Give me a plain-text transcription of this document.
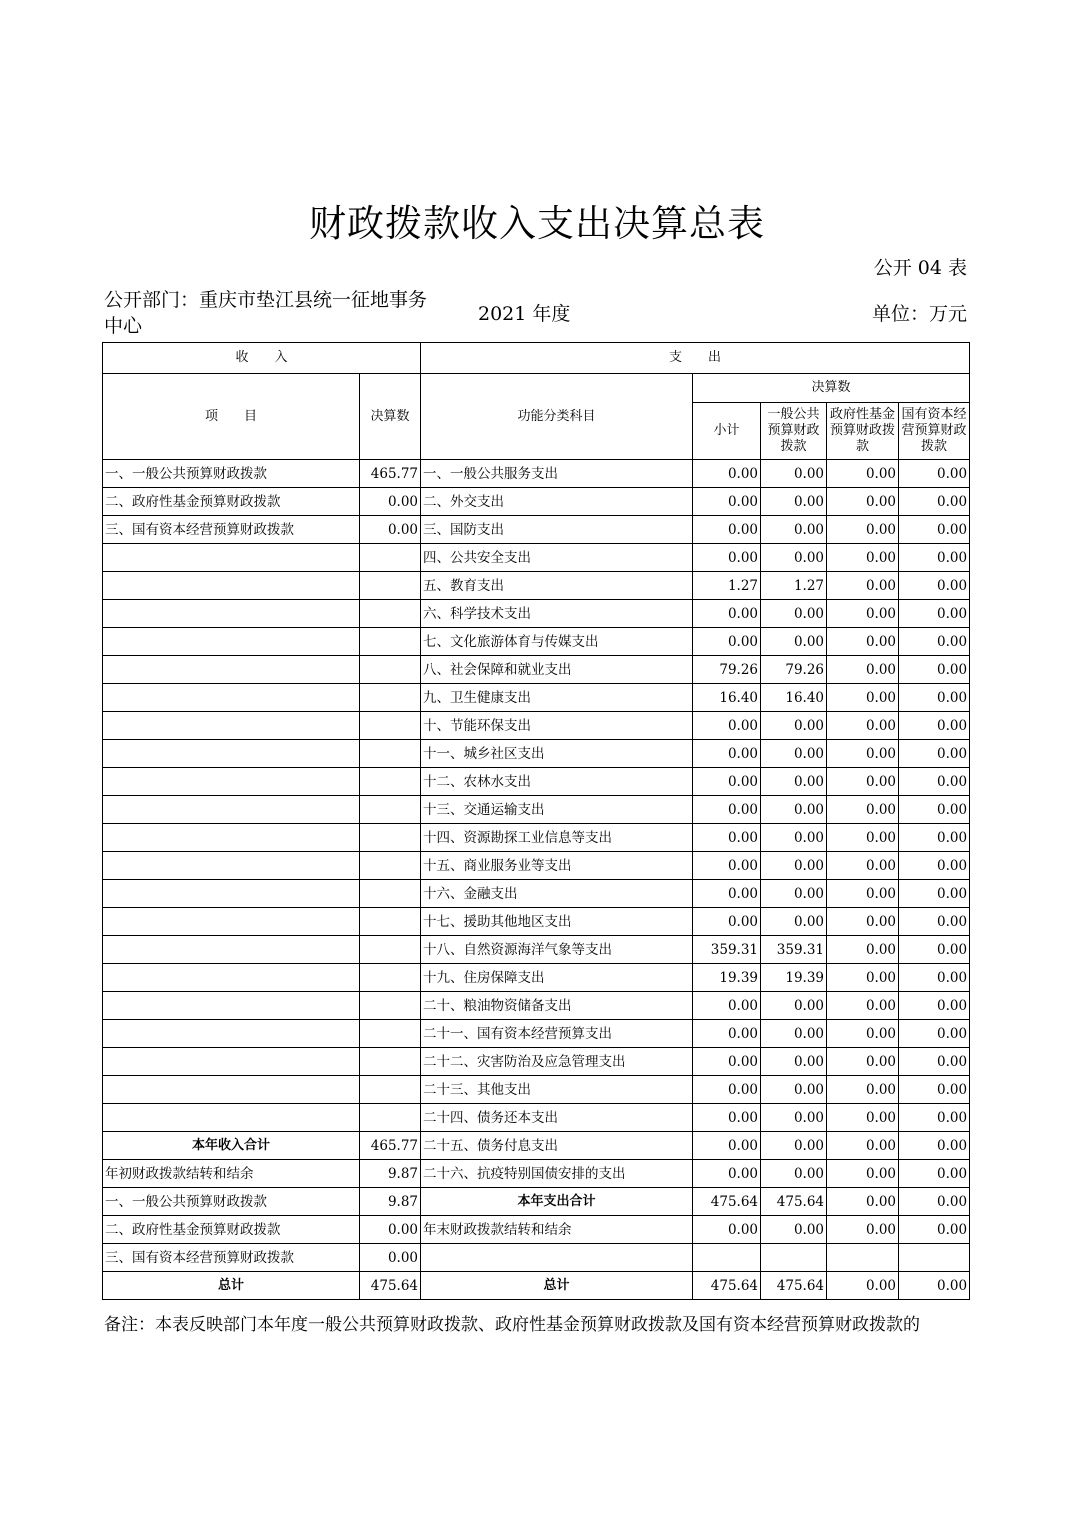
财政拨款收入支出决算总表
公开 04 表
公开部门：重庆市垫江县统一征地事务中心
2021 年度	单位：万元
收　　入		支　　出				
项　　目	决算数	功能分类科目	决算数			
			小计	一般公共预算财政拨款	政府性基金预算财政拨款	国有资本经营预算财政拨款
一、一般公共预算财政拨款	465.77	一、一般公共服务支出	0.00	0.00	0.00	0.00
二、政府性基金预算财政拨款	0.00	二、外交支出	0.00	0.00	0.00	0.00
三、国有资本经营预算财政拨款	0.00	三、国防支出	0.00	0.00	0.00	0.00
		四、公共安全支出	0.00	0.00	0.00	0.00
		五、教育支出	1.27	1.27	0.00	0.00
		六、科学技术支出	0.00	0.00	0.00	0.00
		七、文化旅游体育与传媒支出	0.00	0.00	0.00	0.00
		八、社会保障和就业支出	79.26	79.26	0.00	0.00
		九、卫生健康支出	16.40	16.40	0.00	0.00
		十、节能环保支出	0.00	0.00	0.00	0.00
		十一、城乡社区支出	0.00	0.00	0.00	0.00
		十二、农林水支出	0.00	0.00	0.00	0.00
		十三、交通运输支出	0.00	0.00	0.00	0.00
		十四、资源勘探工业信息等支出	0.00	0.00	0.00	0.00
		十五、商业服务业等支出	0.00	0.00	0.00	0.00
		十六、金融支出	0.00	0.00	0.00	0.00
		十七、援助其他地区支出	0.00	0.00	0.00	0.00
		十八、自然资源海洋气象等支出	359.31	359.31	0.00	0.00
		十九、住房保障支出	19.39	19.39	0.00	0.00
		二十、粮油物资储备支出	0.00	0.00	0.00	0.00
		二十一、国有资本经营预算支出	0.00	0.00	0.00	0.00
		二十二、灾害防治及应急管理支出	0.00	0.00	0.00	0.00
		二十三、其他支出	0.00	0.00	0.00	0.00
		二十四、债务还本支出	0.00	0.00	0.00	0.00
本年收入合计	465.77	二十五、债务付息支出	0.00	0.00	0.00	0.00
年初财政拨款结转和结余	9.87	二十六、抗疫特别国债安排的支出	0.00	0.00	0.00	0.00
一、一般公共预算财政拨款	9.87	本年支出合计	475.64	475.64	0.00	0.00
二、政府性基金预算财政拨款	0.00	年末财政拨款结转和结余	0.00	0.00	0.00	0.00
三、国有资本经营预算财政拨款	0.00					
总计	475.64	总计	475.64	475.64	0.00	0.00
备注：本表反映部门本年度一般公共预算财政拨款、政府性基金预算财政拨款及国有资本经营预算财政拨款的
